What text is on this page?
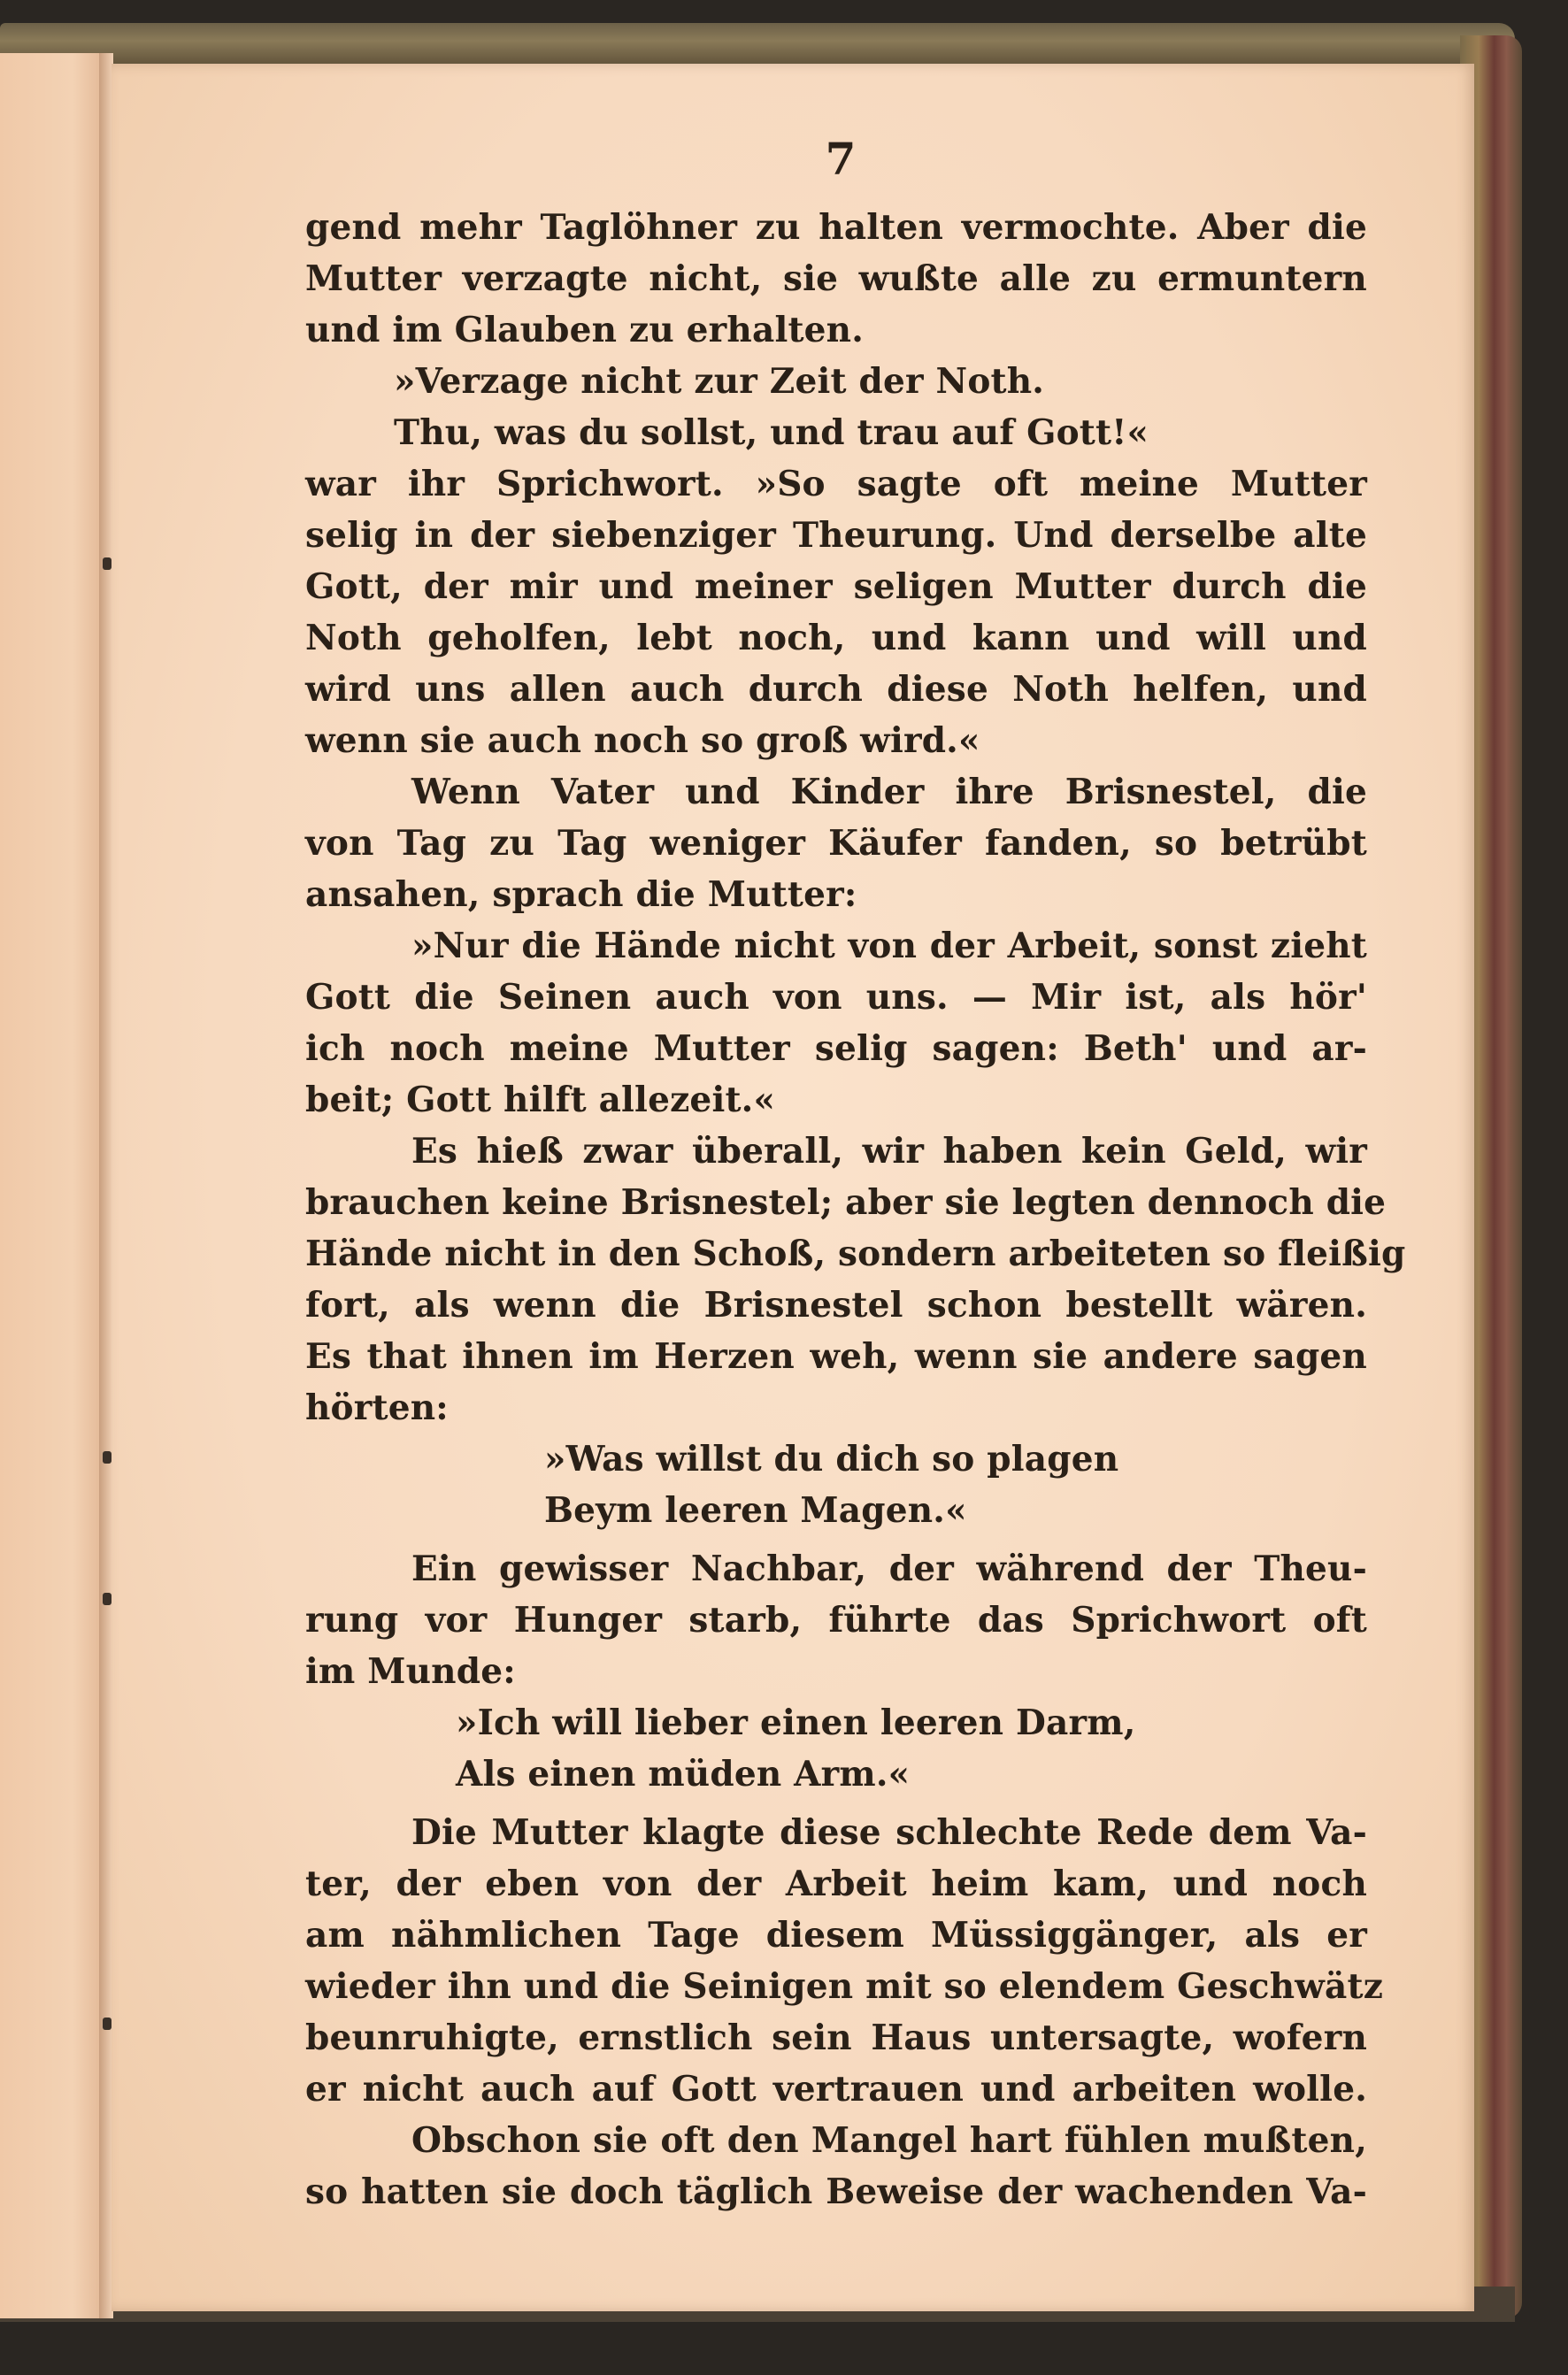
7
gend mehr Taglöhner zu halten vermochte. Aber die
Mutter verzagte nicht, sie wußte alle zu ermuntern
und im Glauben zu erhalten.
»Verzage nicht zur Zeit der Noth.
Thu, was du sollst, und trau auf Gott!«
war ihr Sprichwort. »So sagte oft meine Mutter
selig in der siebenziger Theurung. Und derselbe alte
Gott, der mir und meiner seligen Mutter durch die
Noth geholfen, lebt noch, und kann und will und
wird uns allen auch durch diese Noth helfen, und
wenn sie auch noch so groß wird.«
Wenn Vater und Kinder ihre Brisnestel, die
von Tag zu Tag weniger Käufer fanden, so betrübt
ansahen, sprach die Mutter:
»Nur die Hände nicht von der Arbeit, sonst zieht
Gott die Seinen auch von uns. — Mir ist, als hör'
ich noch meine Mutter selig sagen: Beth' und ar-
beit; Gott hilft allezeit.«
Es hieß zwar überall, wir haben kein Geld, wir
brauchen keine Brisnestel; aber sie legten dennoch die
Hände nicht in den Schoß, sondern arbeiteten so fleißig
fort, als wenn die Brisnestel schon bestellt wären.
Es that ihnen im Herzen weh, wenn sie andere sagen
hörten:
»Was willst du dich so plagen
Beym leeren Magen.«
Ein gewisser Nachbar, der während der Theu-
rung vor Hunger starb, führte das Sprichwort oft
im Munde:
»Ich will lieber einen leeren Darm,
Als einen müden Arm.«
Die Mutter klagte diese schlechte Rede dem Va-
ter, der eben von der Arbeit heim kam, und noch
am nähmlichen Tage diesem Müssiggänger, als er
wieder ihn und die Seinigen mit so elendem Geschwätz
beunruhigte, ernstlich sein Haus untersagte, wofern
er nicht auch auf Gott vertrauen und arbeiten wolle.
Obschon sie oft den Mangel hart fühlen mußten,
so hatten sie doch täglich Beweise der wachenden Va-
